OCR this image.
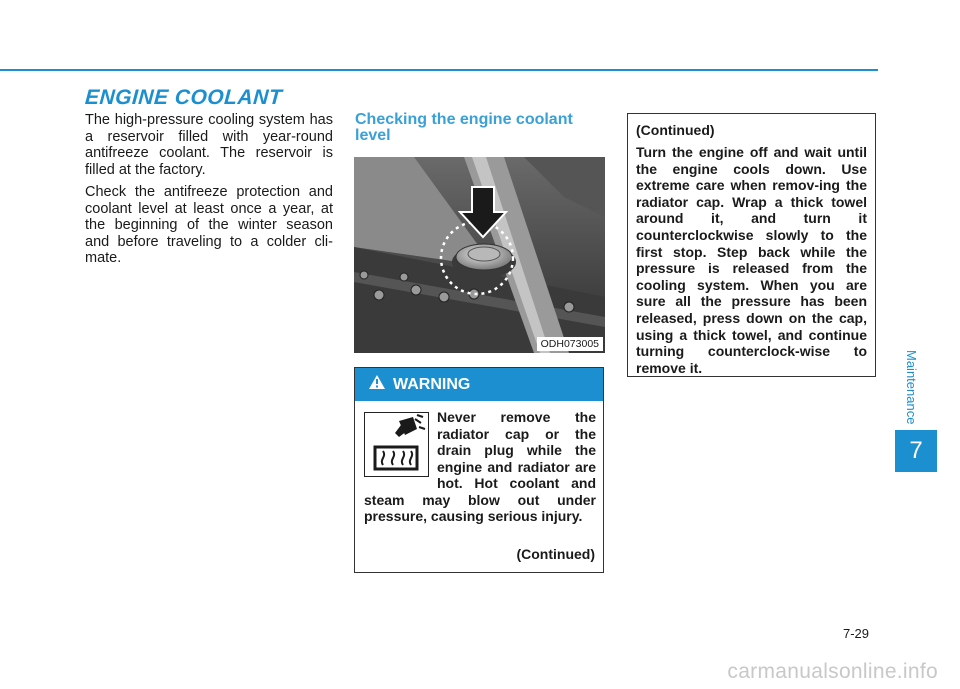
Maintenance
7
ENGINE COOLANT

The high-pressure cooling system has a reservoir filled with year-round antifreeze coolant. The reservoir is filled at the factory.

Check the antifreeze protection and coolant level at least once a year, at the beginning of the winter season and before traveling to a colder cli-mate.

Checking the engine coolant level
ODH073005
WARNING
Never remove the radiator cap or the drain plug while the engine and radiator are hot. Hot coolant and steam may blow out under pressure, causing serious injury.
(Continued)
(Continued)
Turn the engine off and wait until the engine cools down. Use extreme care when remov-ing the radiator cap. Wrap a thick towel around it, and turn it counterclockwise slowly to the first stop. Step back while the pressure is released from the cooling system. When you are sure all the pressure has been released, press down on the cap, using a thick towel, and continue turning counterclock-wise to remove it.
7-29
carmanualsonline.info
